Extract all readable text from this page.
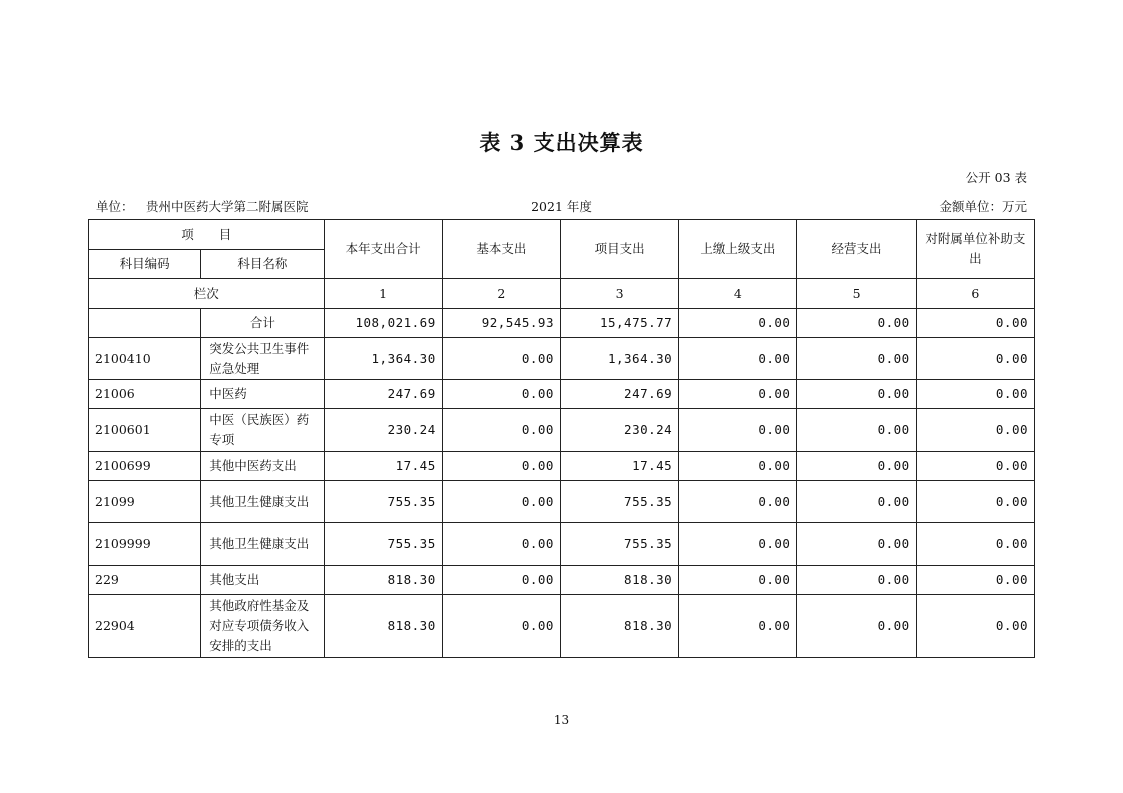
表 3 支出决算表
公开 03 表
单位： 贵州中医药大学第二附属医院	2021 年度	金额单位：万元
项　　目		本年支出合计	基本支出	项目支出	上缴上级支出	经营支出	对附属单位补助支出
科目编码	科目名称						
栏次		1	2	3	4	5	6
	合计	108,021.69	92,545.93	15,475.77	0.00	0.00	0.00
2100410	突发公共卫生事件应急处理	1,364.30	0.00	1,364.30	0.00	0.00	0.00
21006	中医药	247.69	0.00	247.69	0.00	0.00	0.00
2100601	中医（民族医）药专项	230.24	0.00	230.24	0.00	0.00	0.00
2100699	其他中医药支出	17.45	0.00	17.45	0.00	0.00	0.00
21099	其他卫生健康支出	755.35	0.00	755.35	0.00	0.00	0.00
2109999	其他卫生健康支出	755.35	0.00	755.35	0.00	0.00	0.00
229	其他支出	818.30	0.00	818.30	0.00	0.00	0.00
22904	其他政府性基金及对应专项债务收入安排的支出	818.30	0.00	818.30	0.00	0.00	0.00
13
